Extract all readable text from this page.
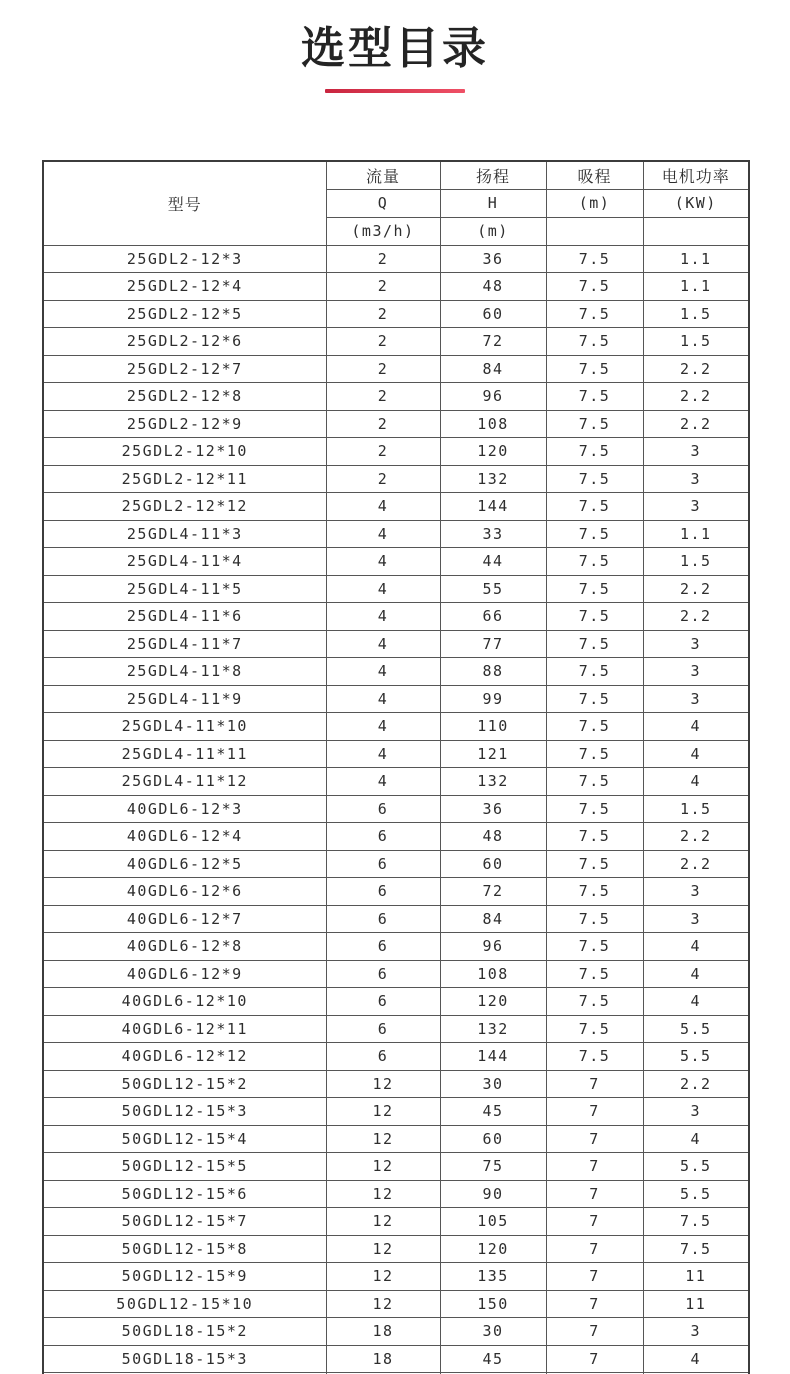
选型目录
型号	流量	扬程	吸程	电机功率
	Q	H	(m)	(KW)
	(m3/h)	(m)		
25GDL2-12*3	2	36	7.5	1.1
25GDL2-12*4	2	48	7.5	1.1
25GDL2-12*5	2	60	7.5	1.5
25GDL2-12*6	2	72	7.5	1.5
25GDL2-12*7	2	84	7.5	2.2
25GDL2-12*8	2	96	7.5	2.2
25GDL2-12*9	2	108	7.5	2.2
25GDL2-12*10	2	120	7.5	3
25GDL2-12*11	2	132	7.5	3
25GDL2-12*12	4	144	7.5	3
25GDL4-11*3	4	33	7.5	1.1
25GDL4-11*4	4	44	7.5	1.5
25GDL4-11*5	4	55	7.5	2.2
25GDL4-11*6	4	66	7.5	2.2
25GDL4-11*7	4	77	7.5	3
25GDL4-11*8	4	88	7.5	3
25GDL4-11*9	4	99	7.5	3
25GDL4-11*10	4	110	7.5	4
25GDL4-11*11	4	121	7.5	4
25GDL4-11*12	4	132	7.5	4
40GDL6-12*3	6	36	7.5	1.5
40GDL6-12*4	6	48	7.5	2.2
40GDL6-12*5	6	60	7.5	2.2
40GDL6-12*6	6	72	7.5	3
40GDL6-12*7	6	84	7.5	3
40GDL6-12*8	6	96	7.5	4
40GDL6-12*9	6	108	7.5	4
40GDL6-12*10	6	120	7.5	4
40GDL6-12*11	6	132	7.5	5.5
40GDL6-12*12	6	144	7.5	5.5
50GDL12-15*2	12	30	7	2.2
50GDL12-15*3	12	45	7	3
50GDL12-15*4	12	60	7	4
50GDL12-15*5	12	75	7	5.5
50GDL12-15*6	12	90	7	5.5
50GDL12-15*7	12	105	7	7.5
50GDL12-15*8	12	120	7	7.5
50GDL12-15*9	12	135	7	11
50GDL12-15*10	12	150	7	11
50GDL18-15*2	18	30	7	3
50GDL18-15*3	18	45	7	4
